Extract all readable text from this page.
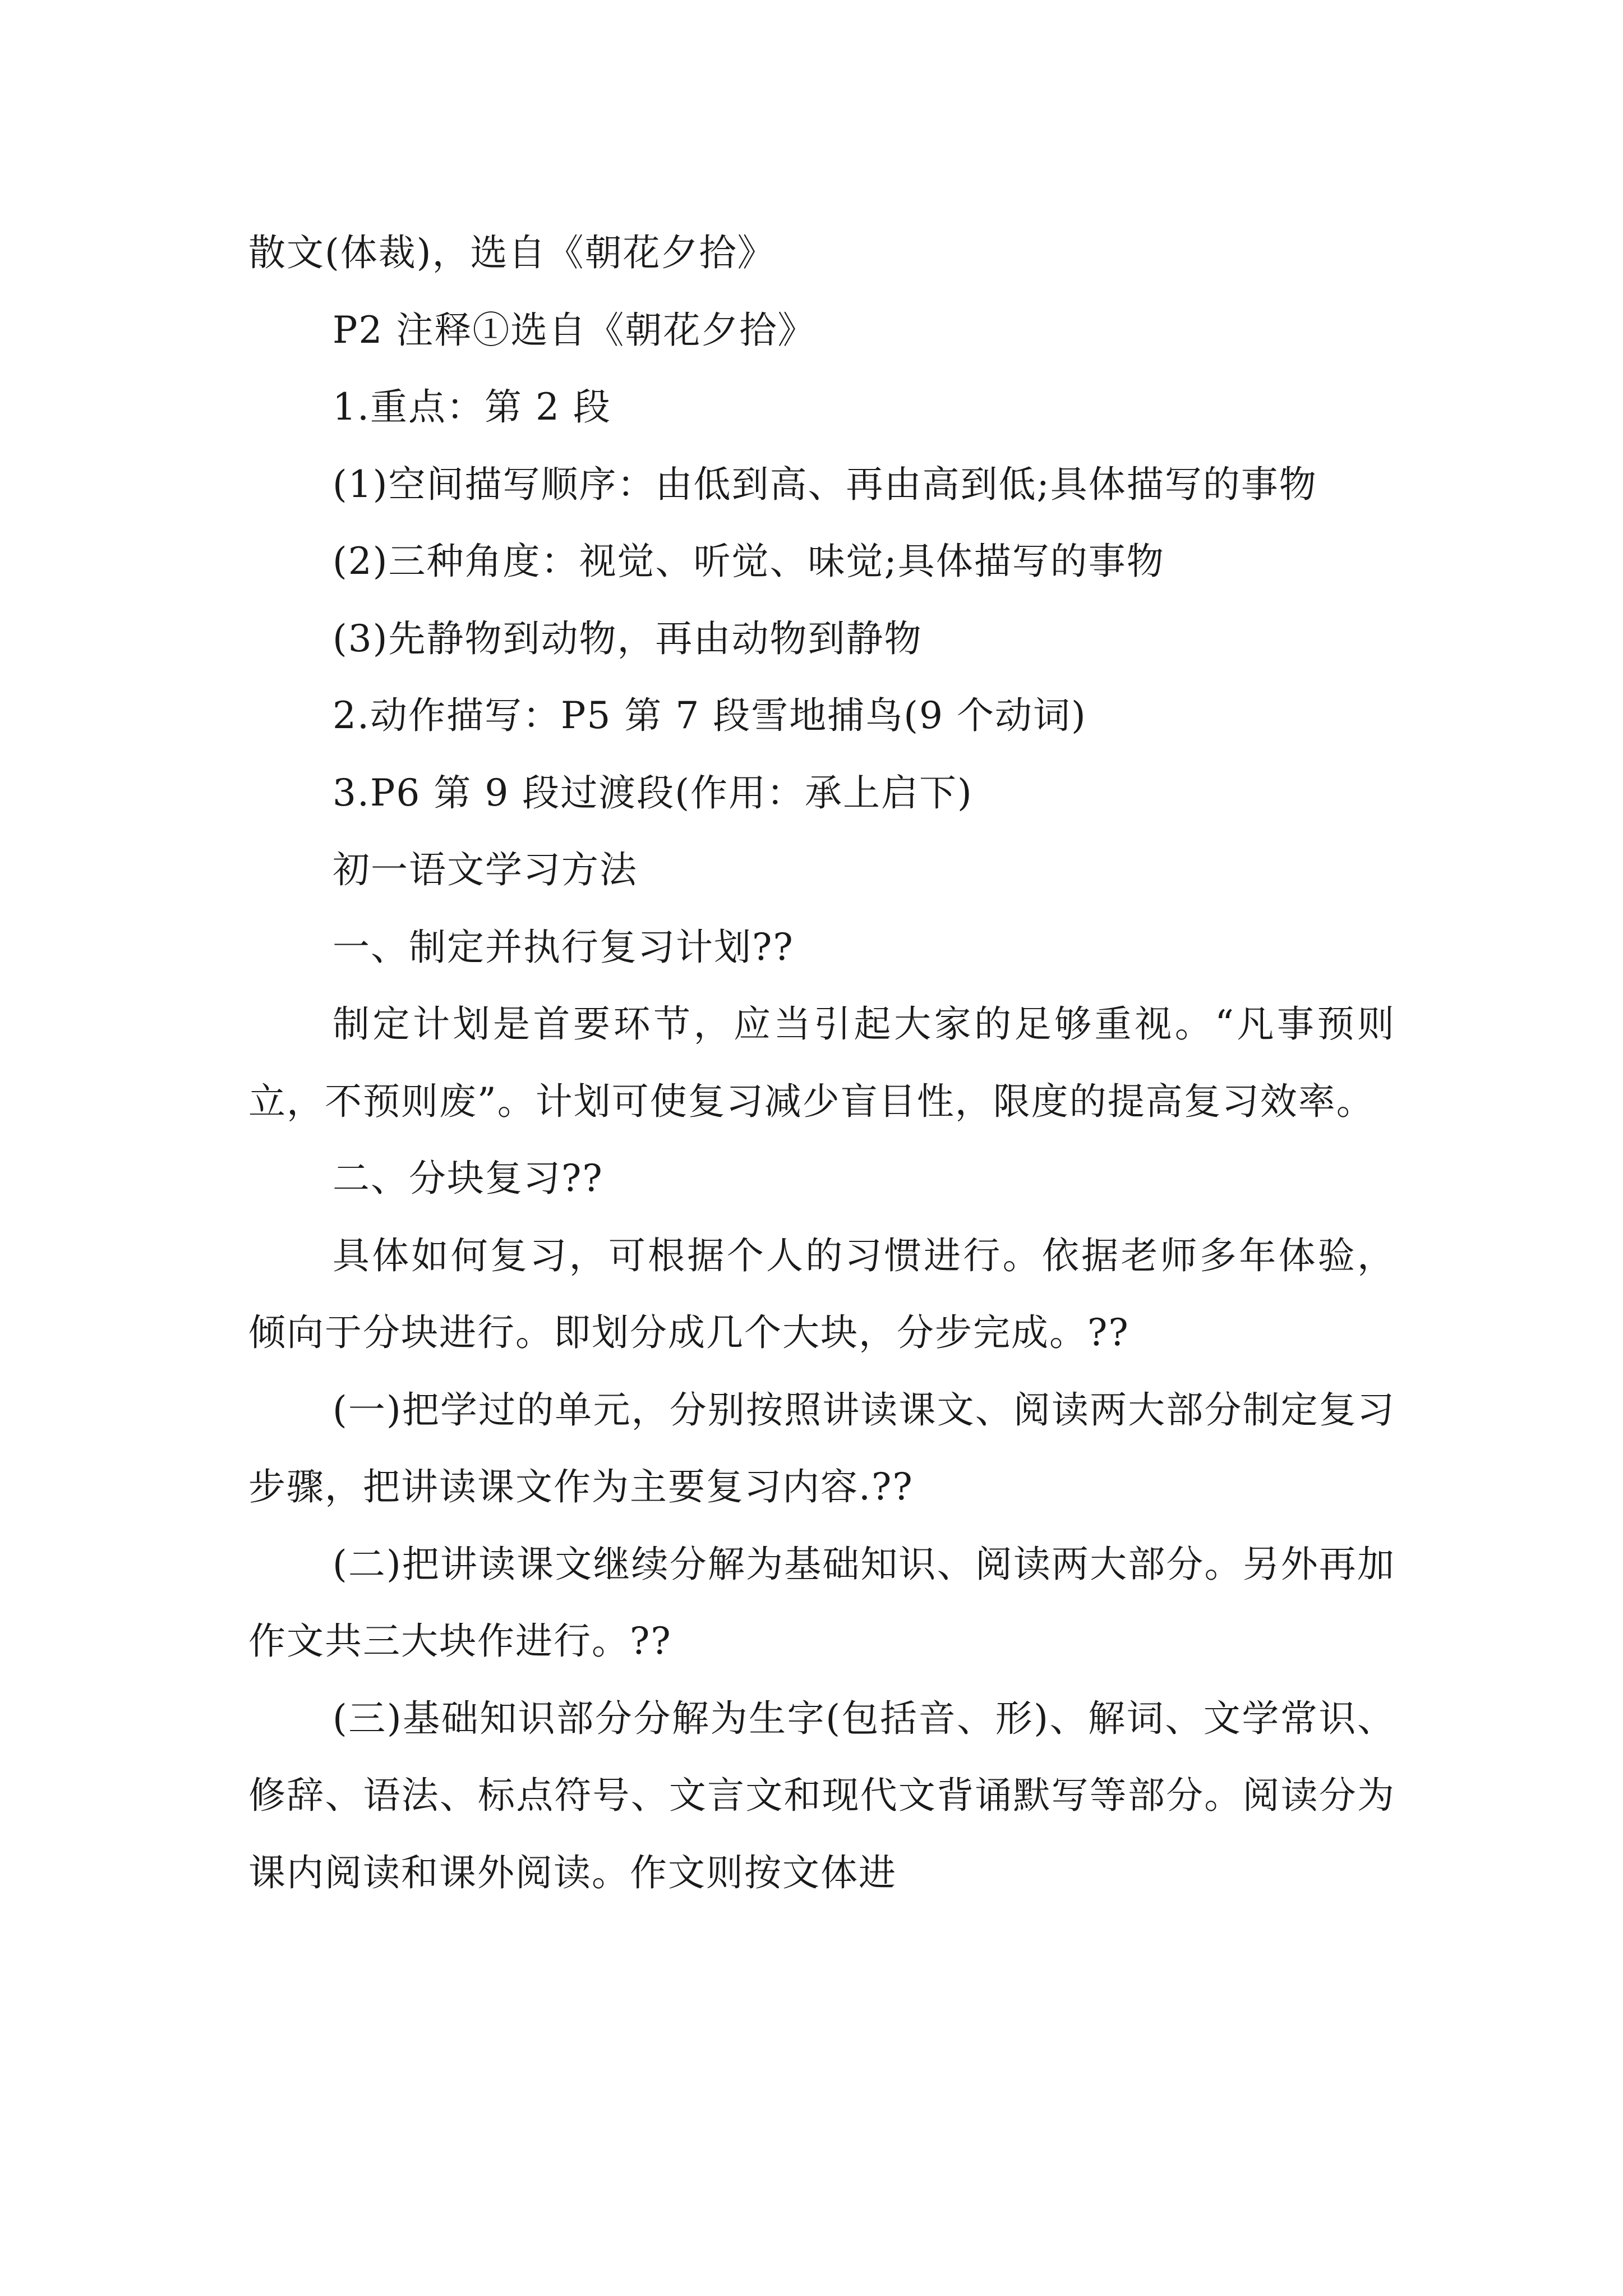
散文(体裁)，选自《朝花夕拾》

P2 注释①选自《朝花夕拾》

1.重点：第 2 段

(1)空间描写顺序：由低到高、再由高到低;具体描写的事物

(2)三种角度：视觉、听觉、味觉;具体描写的事物

(3)先静物到动物，再由动物到静物

2.动作描写：P5 第 7 段雪地捕鸟(9 个动词)

3.P6 第 9 段过渡段(作用：承上启下)

初一语文学习方法

一、制定并执行复习计划??

制定计划是首要环节，应当引起大家的足够重视。“凡事预则立，不预则废”。计划可使复习减少盲目性，限度的提高复习效率。

二、分块复习??

具体如何复习，可根据个人的习惯进行。依据老师多年体验，倾向于分块进行。即划分成几个大块，分步完成。??

(一)把学过的单元，分别按照讲读课文、阅读两大部分制定复习步骤，把讲读课文作为主要复习内容.??

(二)把讲读课文继续分解为基础知识、阅读两大部分。另外再加作文共三大块作进行。??

(三)基础知识部分分解为生字(包括音、形)、解词、文学常识、修辞、语法、标点符号、文言文和现代文背诵默写等部分。阅读分为课内阅读和课外阅读。作文则按文体进
